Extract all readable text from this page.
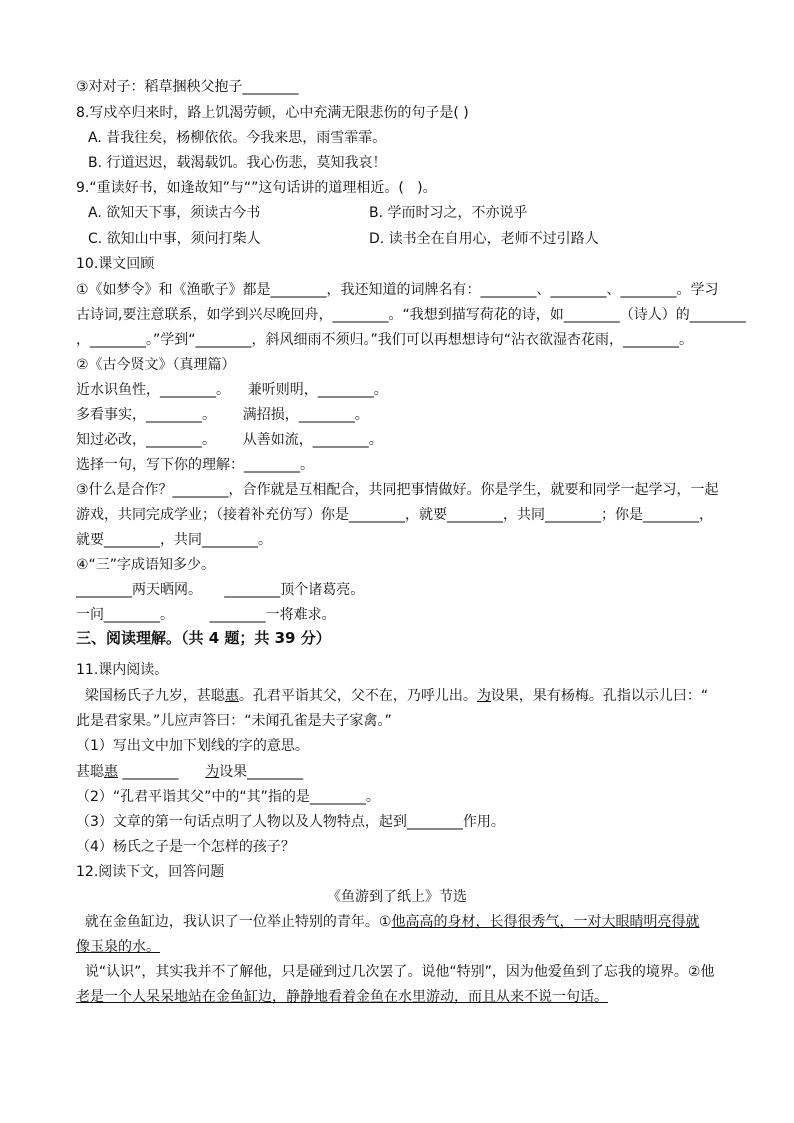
③对对子：稻草捆秧父抱子________
8.写戍卒归来时，路上饥渴劳顿，心中充满无限悲伤的句子是( )
A. 昔我往矣，杨柳依依。今我来思，雨雪霏霏。
B. 行道迟迟，载渴载饥。我心伤悲，莫知我哀！
9.“重读好书，如逢故知”与“”这句话讲的道理相近。(   )。
A. 欲知天下事，须读古今书	B. 学而时习之，不亦说乎
C. 欲知山中事，须问打柴人	D. 读书全在自用心，老师不过引路人
10.课文回顾
①《如梦令》和《渔歌子》都是________，我还知道的词牌名有：________、________、________。学习
古诗词,要注意联系，如学到兴尽晚回舟，________。“我想到描写荷花的诗，如________（诗人）的________
，________。”学到“________，斜风细雨不须归。”我们可以再想想诗句“沾衣欲湿杏花雨，________。
②《古今贤文》（真理篇）
近水识鱼性，________。    兼听则明，________。
多看事实，________。      满招损，________。
知过必改，________。      从善如流，________。
选择一句，写下你的理解：________。
③什么是合作？________，合作就是互相配合，共同把事情做好。你是学生，就要和同学一起学习，一起
游戏，共同完成学业；（接着补充仿写）你是________，就要________，共同________；你是________，
就要________，共同________。
④“三”字成语知多少。
________两天晒网。     ________顶个诸葛亮。
一问________。        ________一将难求。
三、阅读理解。（共 4 题；共 39 分）
11.课内阅读。
梁国杨氏子九岁，甚聪惠。孔君平诣其父，父不在，乃呼儿出。为设果，果有杨梅。孔指以示儿曰：“
此是君家果。”儿应声答曰：“未闻孔雀是夫子家禽。”
（1）写出文中加下划线的字的意思。
甚聪惠 ________      为设果________
（2）“孔君平诣其父”中的“其”指的是________。
（3）文章的第一句话点明了人物以及人物特点，起到________作用。
（4）杨氏之子是一个怎样的孩子？
12.阅读下文，回答问题
《鱼游到了纸上》节选
就在金鱼缸边，我认识了一位举止特别的青年。①他高高的身材，长得很秀气，一对大眼睛明亮得就
像玉泉的水。
说“认识”，其实我并不了解他，只是碰到过几次罢了。说他“特别”，因为他爱鱼到了忘我的境界。②他
老是一个人呆呆地站在金鱼缸边，静静地看着金鱼在水里游动，而且从来不说一句话。
